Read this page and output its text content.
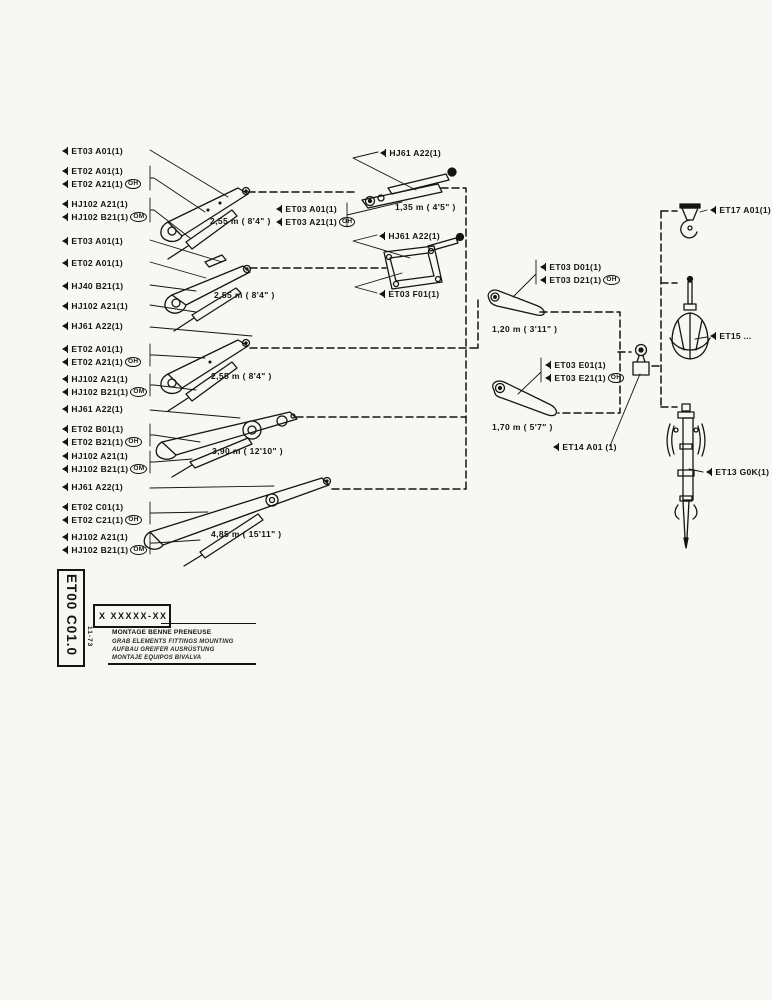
ET03 A01(1)
ET02 A01(1)
ET02 A21(1) OH
HJ102 A21(1)
HJ102 B21(1) OM
ET03 A01(1)
ET02 A01(1)
HJ40 B21(1)
HJ102 A21(1)
HJ61 A22(1)
ET02 A01(1)
ET02 A21(1) OH
HJ102 A21(1)
HJ102 B21(1) OM
HJ61 A22(1)
ET02 B01(1)
ET02 B21(1) OH
HJ102 A21(1)
HJ102 B21(1) OM
HJ61 A22(1)
ET02 C01(1)
ET02 C21(1) OH
HJ102 A21(1)
HJ102 B21(1) OM
HJ61 A22(1)
ET03 A01(1)
ET03 A21(1) OH
HJ61 A22(1)
ET03 F01(1)
ET03 D01(1)
ET03 D21(1) OH
ET03 E01(1)
ET03 E21(1) OH
ET14 A01 (1)
ET17 A01(1)
ET15 ...
ET13 G0K(1)
2,55 m ( 8'4" )
2,55 m ( 8'4" )
2,55 m ( 8'4" )
3,90 m ( 12'10" )
4,85 m ( 15'11" )
1,35 m ( 4'5" )
1,20 m ( 3'11" )
1,70 m ( 5'7" )
ET00 C01.0	11-73
X XXXXX-XX
MONTAGE BENNE PRENEUSE
GRAB ELEMENTS FITTINGS MOUNTING
AUFBAU GREIFER AUSRÜSTUNG
MONTAJE EQUIPOS BIVALVA
